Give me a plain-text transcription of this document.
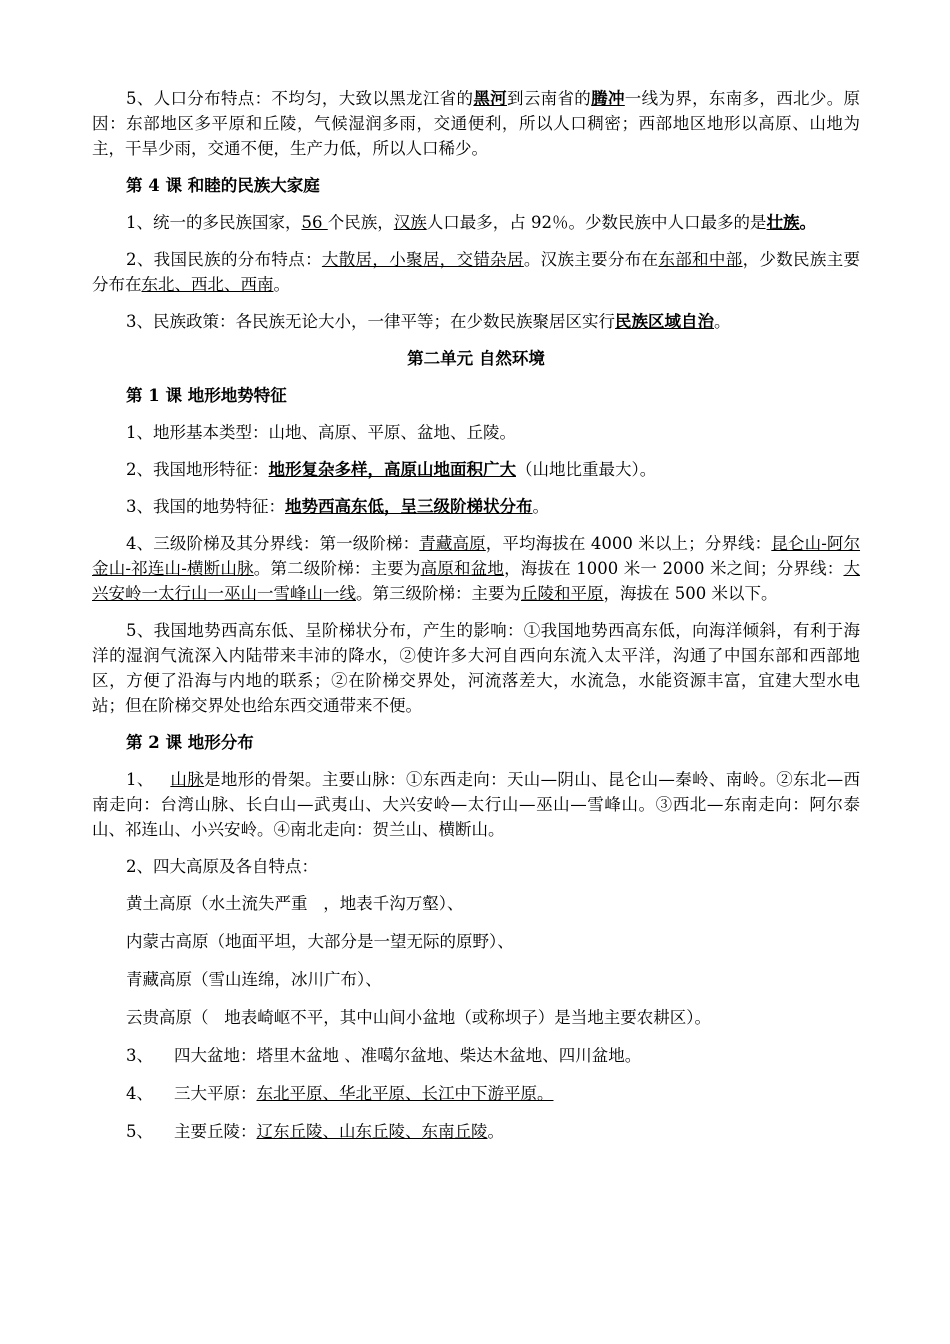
5、人口分布特点：不均匀，大致以黑龙江省的黑河到云南省的腾冲一线为界，东南多，西北少。原因：东部地区多平原和丘陵，气候湿润多雨，交通便利，所以人口稠密；西部地区地形以高原、山地为主，干旱少雨，交通不便，生产力低，所以人口稀少。

第 4 课 和睦的民族大家庭

1、统一的多民族国家，56 个民族，汉族人口最多，占 92％。少数民族中人口最多的是壮族。

2、我国民族的分布特点：大散居，小聚居，交错杂居。汉族主要分布在东部和中部，少数民族主要分布在东北、西北、西南。

3、民族政策：各民族无论大小，一律平等；在少数民族聚居区实行民族区域自治。

第二单元 自然环境

第 1 课 地形地势特征

1、地形基本类型：山地、高原、平原、盆地、丘陵。

2、我国地形特征：地形复杂多样，高原山地面积广大（山地比重最大）。

3、我国的地势特征：地势西高东低，呈三级阶梯状分布。

4、三级阶梯及其分界线：第一级阶梯：青藏高原，平均海拔在 4000 米以上；分界线：昆仑山-阿尔金山-祁连山-横断山脉。第二级阶梯：主要为高原和盆地，海拔在 1000 米一 2000 米之间；分界线：大兴安岭一太行山一巫山一雪峰山一线。第三级阶梯：主要为丘陵和平原，海拔在 500 米以下。

5、我国地势西高东低、呈阶梯状分布，产生的影响：①我国地势西高东低，向海洋倾斜，有利于海洋的湿润气流深入内陆带来丰沛的降水，②使许多大河自西向东流入太平洋，沟通了中国东部和西部地区，方便了沿海与内地的联系；②在阶梯交界处，河流落差大，水流急，水能资源丰富，宜建大型水电站；但在阶梯交界处也给东西交通带来不便。

第 2 课 地形分布

1、   山脉是地形的骨架。主要山脉：①东西走向：天山—阴山、昆仑山—秦岭、南岭。②东北—西南走向：台湾山脉、长白山—武夷山、大兴安岭—太行山—巫山—雪峰山。③西北—东南走向：阿尔泰山、祁连山、小兴安岭。④南北走向：贺兰山、横断山。

2、四大高原及各自特点：

黄土高原（水土流失严重   ，地表千沟万壑）、

内蒙古高原（地面平坦，大部分是一望无际的原野）、

青藏高原（雪山连绵，冰川广布）、

云贵高原（   地表崎岖不平，其中山间小盆地（或称坝子）是当地主要农耕区）。

3、    四大盆地：塔里木盆地 、准噶尔盆地、柴达木盆地、四川盆地。

4、    三大平原：东北平原、华北平原、长江中下游平原。

5、    主要丘陵：辽东丘陵、山东丘陵、东南丘陵。
